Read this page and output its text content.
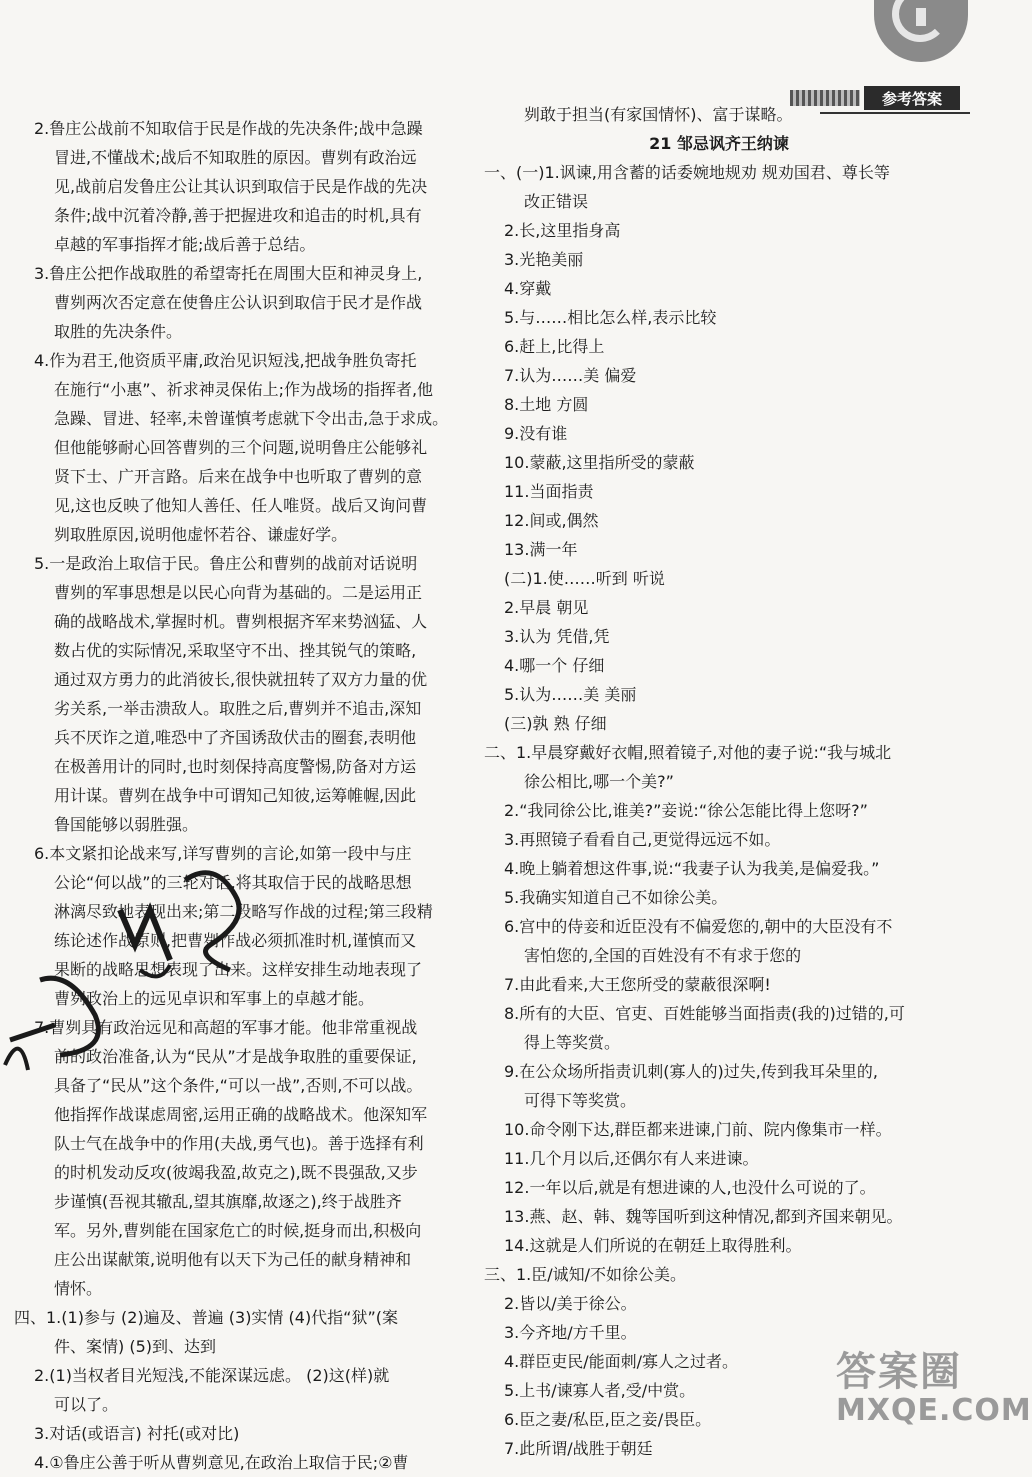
参考答案
2.鲁庄公战前不知取信于民是作战的先决条件;战中急躁
冒进,不懂战术;战后不知取胜的原因。曹刿有政治远
见,战前启发鲁庄公让其认识到取信于民是作战的先决
条件;战中沉着冷静,善于把握进攻和追击的时机,具有
卓越的军事指挥才能;战后善于总结。
3.鲁庄公把作战取胜的希望寄托在周围大臣和神灵身上,
曹刿两次否定意在使鲁庄公认识到取信于民才是作战
取胜的先决条件。
4.作为君王,他资质平庸,政治见识短浅,把战争胜负寄托
在施行“小惠”、祈求神灵保佑上;作为战场的指挥者,他
急躁、冒进、轻率,未曾谨慎考虑就下令出击,急于求成。
但他能够耐心回答曹刿的三个问题,说明鲁庄公能够礼
贤下士、广开言路。后来在战争中也听取了曹刿的意
见,这也反映了他知人善任、任人唯贤。战后又询问曹
刿取胜原因,说明他虚怀若谷、谦虚好学。
5.一是政治上取信于民。鲁庄公和曹刿的战前对话说明
曹刿的军事思想是以民心向背为基础的。二是运用正
确的战略战术,掌握时机。曹刿根据齐军来势汹猛、人
数占优的实际情况,采取坚守不出、挫其锐气的策略,
通过双方勇力的此消彼长,很快就扭转了双方力量的优
劣关系,一举击溃敌人。取胜之后,曹刿并不追击,深知
兵不厌诈之道,唯恐中了齐国诱敌伏击的圈套,表明他
在极善用计的同时,也时刻保持高度警惕,防备对方运
用计谋。曹刿在战争中可谓知己知彼,运筹帷幄,因此
鲁国能够以弱胜强。
6.本文紧扣论战来写,详写曹刿的言论,如第一段中与庄
公论“何以战”的三轮对话,将其取信于民的战略思想
淋漓尽致地表现出来;第二段略写作战的过程;第三段精
练论述作战原则,把曹刿作战必须抓准时机,谨慎而又
果断的战略思想表现了出来。这样安排生动地表现了
曹刿政治上的远见卓识和军事上的卓越才能。
7.曹刿具有政治远见和高超的军事才能。他非常重视战
前的政治准备,认为“民从”才是战争取胜的重要保证,
具备了“民从”这个条件,“可以一战”,否则,不可以战。
他指挥作战谋虑周密,运用正确的战略战术。他深知军
队士气在战争中的作用(夫战,勇气也)。善于选择有利
的时机发动反攻(彼竭我盈,故克之),既不畏强敌,又步
步谨慎(吾视其辙乱,望其旗靡,故逐之),终于战胜齐
军。另外,曹刿能在国家危亡的时候,挺身而出,积极向
庄公出谋献策,说明他有以天下为己任的献身精神和
情怀。
四、1.(1)参与 (2)遍及、普遍 (3)实情 (4)代指“狱”(案
件、案情) (5)到、达到
2.(1)当权者目光短浅,不能深谋远虑。 (2)这(样)就
可以了。
3.对话(或语言) 衬托(或对比)
4.①鲁庄公善于听从曹刿意见,在政治上取信于民;②曹
刿敢于担当(有家国情怀)、富于谋略。
21 邹忌讽齐王纳谏
一、(一)1.讽谏,用含蓄的话委婉地规劝 规劝国君、尊长等
改正错误
2.长,这里指身高
3.光艳美丽
4.穿戴
5.与……相比怎么样,表示比较
6.赶上,比得上
7.认为……美 偏爱
8.土地 方圆
9.没有谁
10.蒙蔽,这里指所受的蒙蔽
11.当面指责
12.间或,偶然
13.满一年
(二)1.使……听到 听说
2.早晨 朝见
3.认为 凭借,凭
4.哪一个 仔细
5.认为……美 美丽
(三)孰 熟 仔细
二、1.早晨穿戴好衣帽,照着镜子,对他的妻子说:“我与城北
徐公相比,哪一个美?”
2.“我同徐公比,谁美?”妾说:“徐公怎能比得上您呀?”
3.再照镜子看看自己,更觉得远远不如。
4.晚上躺着想这件事,说:“我妻子认为我美,是偏爱我。”
5.我确实知道自己不如徐公美。
6.宫中的侍妾和近臣没有不偏爱您的,朝中的大臣没有不
害怕您的,全国的百姓没有不有求于您的
7.由此看来,大王您所受的蒙蔽很深啊!
8.所有的大臣、官吏、百姓能够当面指责(我的)过错的,可
得上等奖赏。
9.在公众场所指责讥刺(寡人的)过失,传到我耳朵里的,
可得下等奖赏。
10.命令刚下达,群臣都来进谏,门前、院内像集市一样。
11.几个月以后,还偶尔有人来进谏。
12.一年以后,就是有想进谏的人,也没什么可说的了。
13.燕、赵、韩、魏等国听到这种情况,都到齐国来朝见。
14.这就是人们所说的在朝廷上取得胜利。
三、1.臣/诚知/不如徐公美。
2.皆以/美于徐公。
3.今齐地/方千里。
4.群臣吏民/能面刺/寡人之过者。
5.上书/谏寡人者,受/中赏。
6.臣之妻/私臣,臣之妾/畏臣。
7.此所谓/战胜于朝廷
答案圈
MXQE.COM
